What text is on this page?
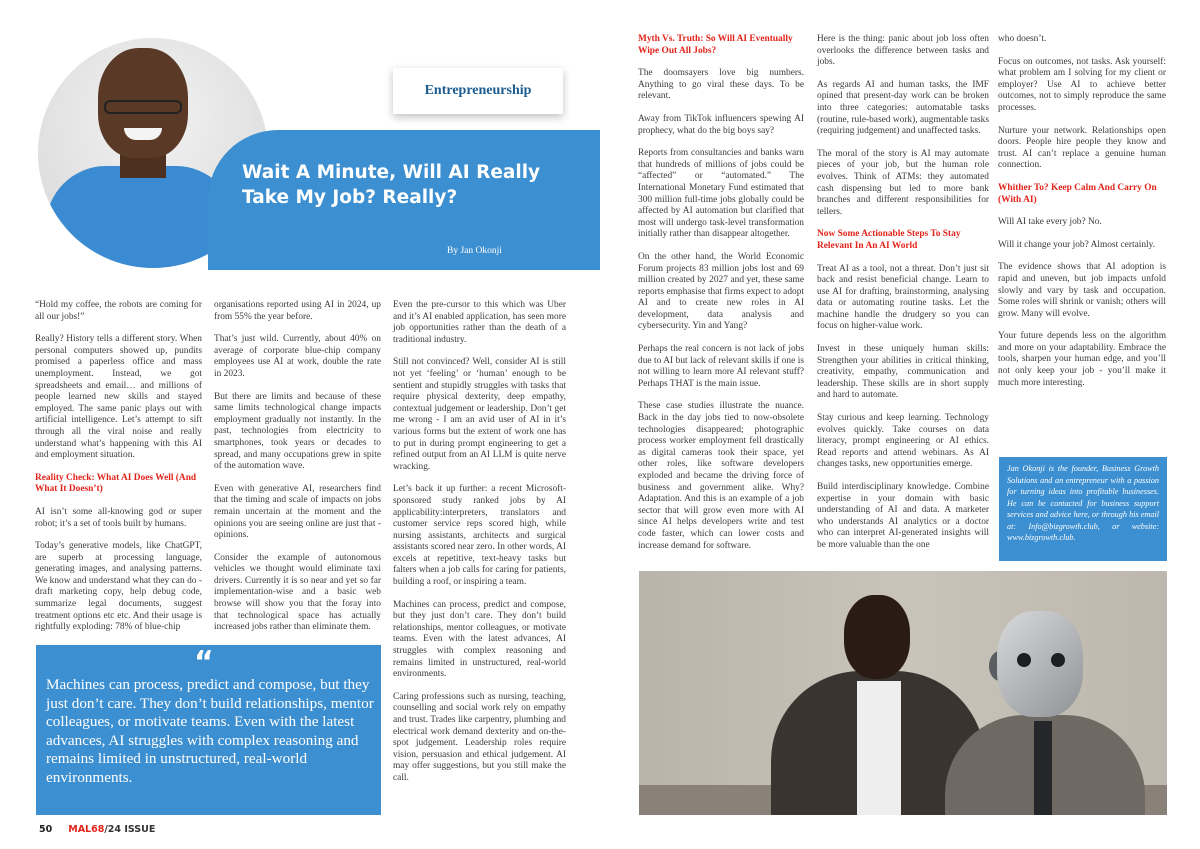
Entrepreneurship
Wait A Minute, Will AI Really Take My Job? Really?
By Jan Okonji

“Hold my coffee, the robots are coming for all our jobs!”

Really? History tells a different story. When personal computers showed up, pundits promised a paperless office and mass unemployment. Instead, we got spreadsheets and email… and millions of people learned new skills and stayed employed. The same panic plays out with artificial intelligence. Let’s attempt to sift through all the viral noise and really understand what’s happening with this AI and employment situation.

Reality Check: What AI Does Well (And What It Doesn’t)

AI isn’t some all-knowing god or super robot; it’s a set of tools built by humans.

Today’s generative models, like ChatGPT, are superb at processing language, generating images, and analysing patterns. We know and understand what they can do - draft marketing copy, help debug code, summarize legal documents, suggest treatment options etc etc. And their usage is rightfully exploding: 78% of blue-chip

organisations reported using AI in 2024, up from 55% the year before.

That’s just wild. Currently, about 40% on average of corporate blue-chip company employees use AI at work, double the rate in 2023.

But there are limits and because of these same limits technological change impacts employment gradually not instantly. In the past, technologies from electricity to smartphones, took years or decades to spread, and many occupations grew in spite of the automation wave.

Even with generative AI, researchers find that the timing and scale of impacts on jobs remain uncertain at the moment and the opinions you are seeing online are just that - opinions.

Consider the example of autonomous vehicles we thought would eliminate taxi drivers. Currently it is so near and yet so far implementation-wise and a basic web browse will show you that the foray into that technological space has actually increased jobs rather than eliminate them.

Even the pre-cursor to this which was Uber and it’s AI enabled application, has seen more job opportunities rather than the death of a traditional industry.

Still not convinced? Well, consider AI is still not yet ‘feeling’ or ‘human’ enough to be sentient and stupidly struggles with tasks that require physical dexterity, deep empathy, contextual judgement or leadership. Don’t get me wrong - I am an avid user of AI in it’s various forms but the extent of work one has to put in during prompt engineering to get a refined output from an AI LLM is quite nerve wracking.

Let’s back it up further: a recent Microsoft-sponsored study ranked jobs by AI applicability:interpreters, translators and customer service reps scored high, while nursing assistants, architects and surgical assistants scored near zero. In other words, AI excels at repetitive, text-heavy tasks but falters when a job calls for caring for patients, building a roof, or inspiring a team.

Machines can process, predict and compose, but they just don’t care. They don’t build relationships, mentor colleagues, or motivate teams. Even with the latest advances, AI struggles with complex reasoning and remains limited in unstructured, real-world environments.

Caring professions such as nursing, teaching, counselling and social work rely on empathy and trust. Trades like carpentry, plumbing and electrical work demand dexterity and on-the-spot judgement. Leadership roles require vision, persuasion and ethical judgement. AI may offer suggestions, but you still make the call.

“
Machines can process, predict and compose, but they just don’t care. They don’t build relationships, mentor colleagues, or motivate teams. Even with the latest advances, AI struggles with complex reasoning and remains limited in unstructured, real-world environments.
50 MAL68/24 ISSUE
Myth Vs. Truth: So Will AI Eventually Wipe Out All Jobs?

The doomsayers love big numbers. Anything to go viral these days. To be relevant.

Away from TikTok influencers spewing AI prophecy, what do the big boys say?

Reports from consultancies and banks warn that hundreds of millions of jobs could be “affected” or “automated.” The International Monetary Fund estimated that 300 million full-time jobs globally could be affected by AI automation but clarified that most will undergo task-level transformation initially rather than disappear altogether.

On the other hand, the World Economic Forum projects 83 million jobs lost and 69 million created by 2027 and yet, these same reports emphasise that firms expect to adopt AI and to create new roles in AI development, data analysis and cybersecurity. Yin and Yang?

Perhaps the real concern is not lack of jobs due to AI but lack of relevant skills if one is not willing to learn more AI relevant stuff? Perhaps THAT is the main issue.

These case studies illustrate the nuance. Back in the day jobs tied to now-obsolete technologies disappeared; photographic process worker employment fell drastically as digital cameras took their space, yet other roles, like software developers exploded and became the driving force of business and government alike. Why? Adaptation. And this is an example of a job sector that will grow even more with AI since AI helps developers write and test code faster, which can lower costs and increase demand for software.

Here is the thing: panic about job loss often overlooks the difference between tasks and jobs.

As regards AI and human tasks, the IMF opined that present-day work can be broken into three categories: automatable tasks (routine, rule-based work), augmentable tasks (requiring judgement) and unaffected tasks.

The moral of the story is AI may automate pieces of your job, but the human role evolves. Think of ATMs: they automated cash dispensing but led to more bank branches and different responsibilities for tellers.

Now Some Actionable Steps To Stay Relevant In An AI World

Treat AI as a tool, not a threat. Don’t just sit back and resist beneficial change. Learn to use AI for drafting, brainstorming, analysing data or automating routine tasks. Let the machine handle the drudgery so you can focus on higher-value work.

Invest in these uniquely human skills: Strengthen your abilities in critical thinking, creativity, empathy, communication and leadership. These skills are in short supply and hard to automate.

Stay curious and keep learning. Technology evolves quickly. Take courses on data literacy, prompt engineering or AI ethics. Read reports and attend webinars. As AI changes tasks, new opportunities emerge.

Build interdisciplinary knowledge. Combine expertise in your domain with basic understanding of AI and data. A marketer who understands AI analytics or a doctor who can interpret AI-generated insights will be more valuable than the one

who doesn’t.

Focus on outcomes, not tasks. Ask yourself: what problem am I solving for my client or employer? Use AI to achieve better outcomes, not to simply reproduce the same processes.

Nurture your network. Relationships open doors. People hire people they know and trust. AI can’t replace a genuine human connection.

Whither To? Keep Calm And Carry On (With AI)

Will AI take every job? No.

Will it change your job? Almost certainly.

The evidence shows that AI adoption is rapid and uneven, but job impacts unfold slowly and vary by task and occupation. Some roles will shrink or vanish; others will grow. Many will evolve.

Your future depends less on the algorithm and more on your adaptability. Embrace the tools, sharpen your human edge, and you’ll not only keep your job - you’ll make it much more interesting.

Jan Okonji is the founder, Business Growth Solutions and an entrepreneur with a passion for turning ideas into profitable businesses. He can be contacted for business support services and advice here, or through his email at: Info@bizgrowth.club, or website: www.bizgrowth.club.
